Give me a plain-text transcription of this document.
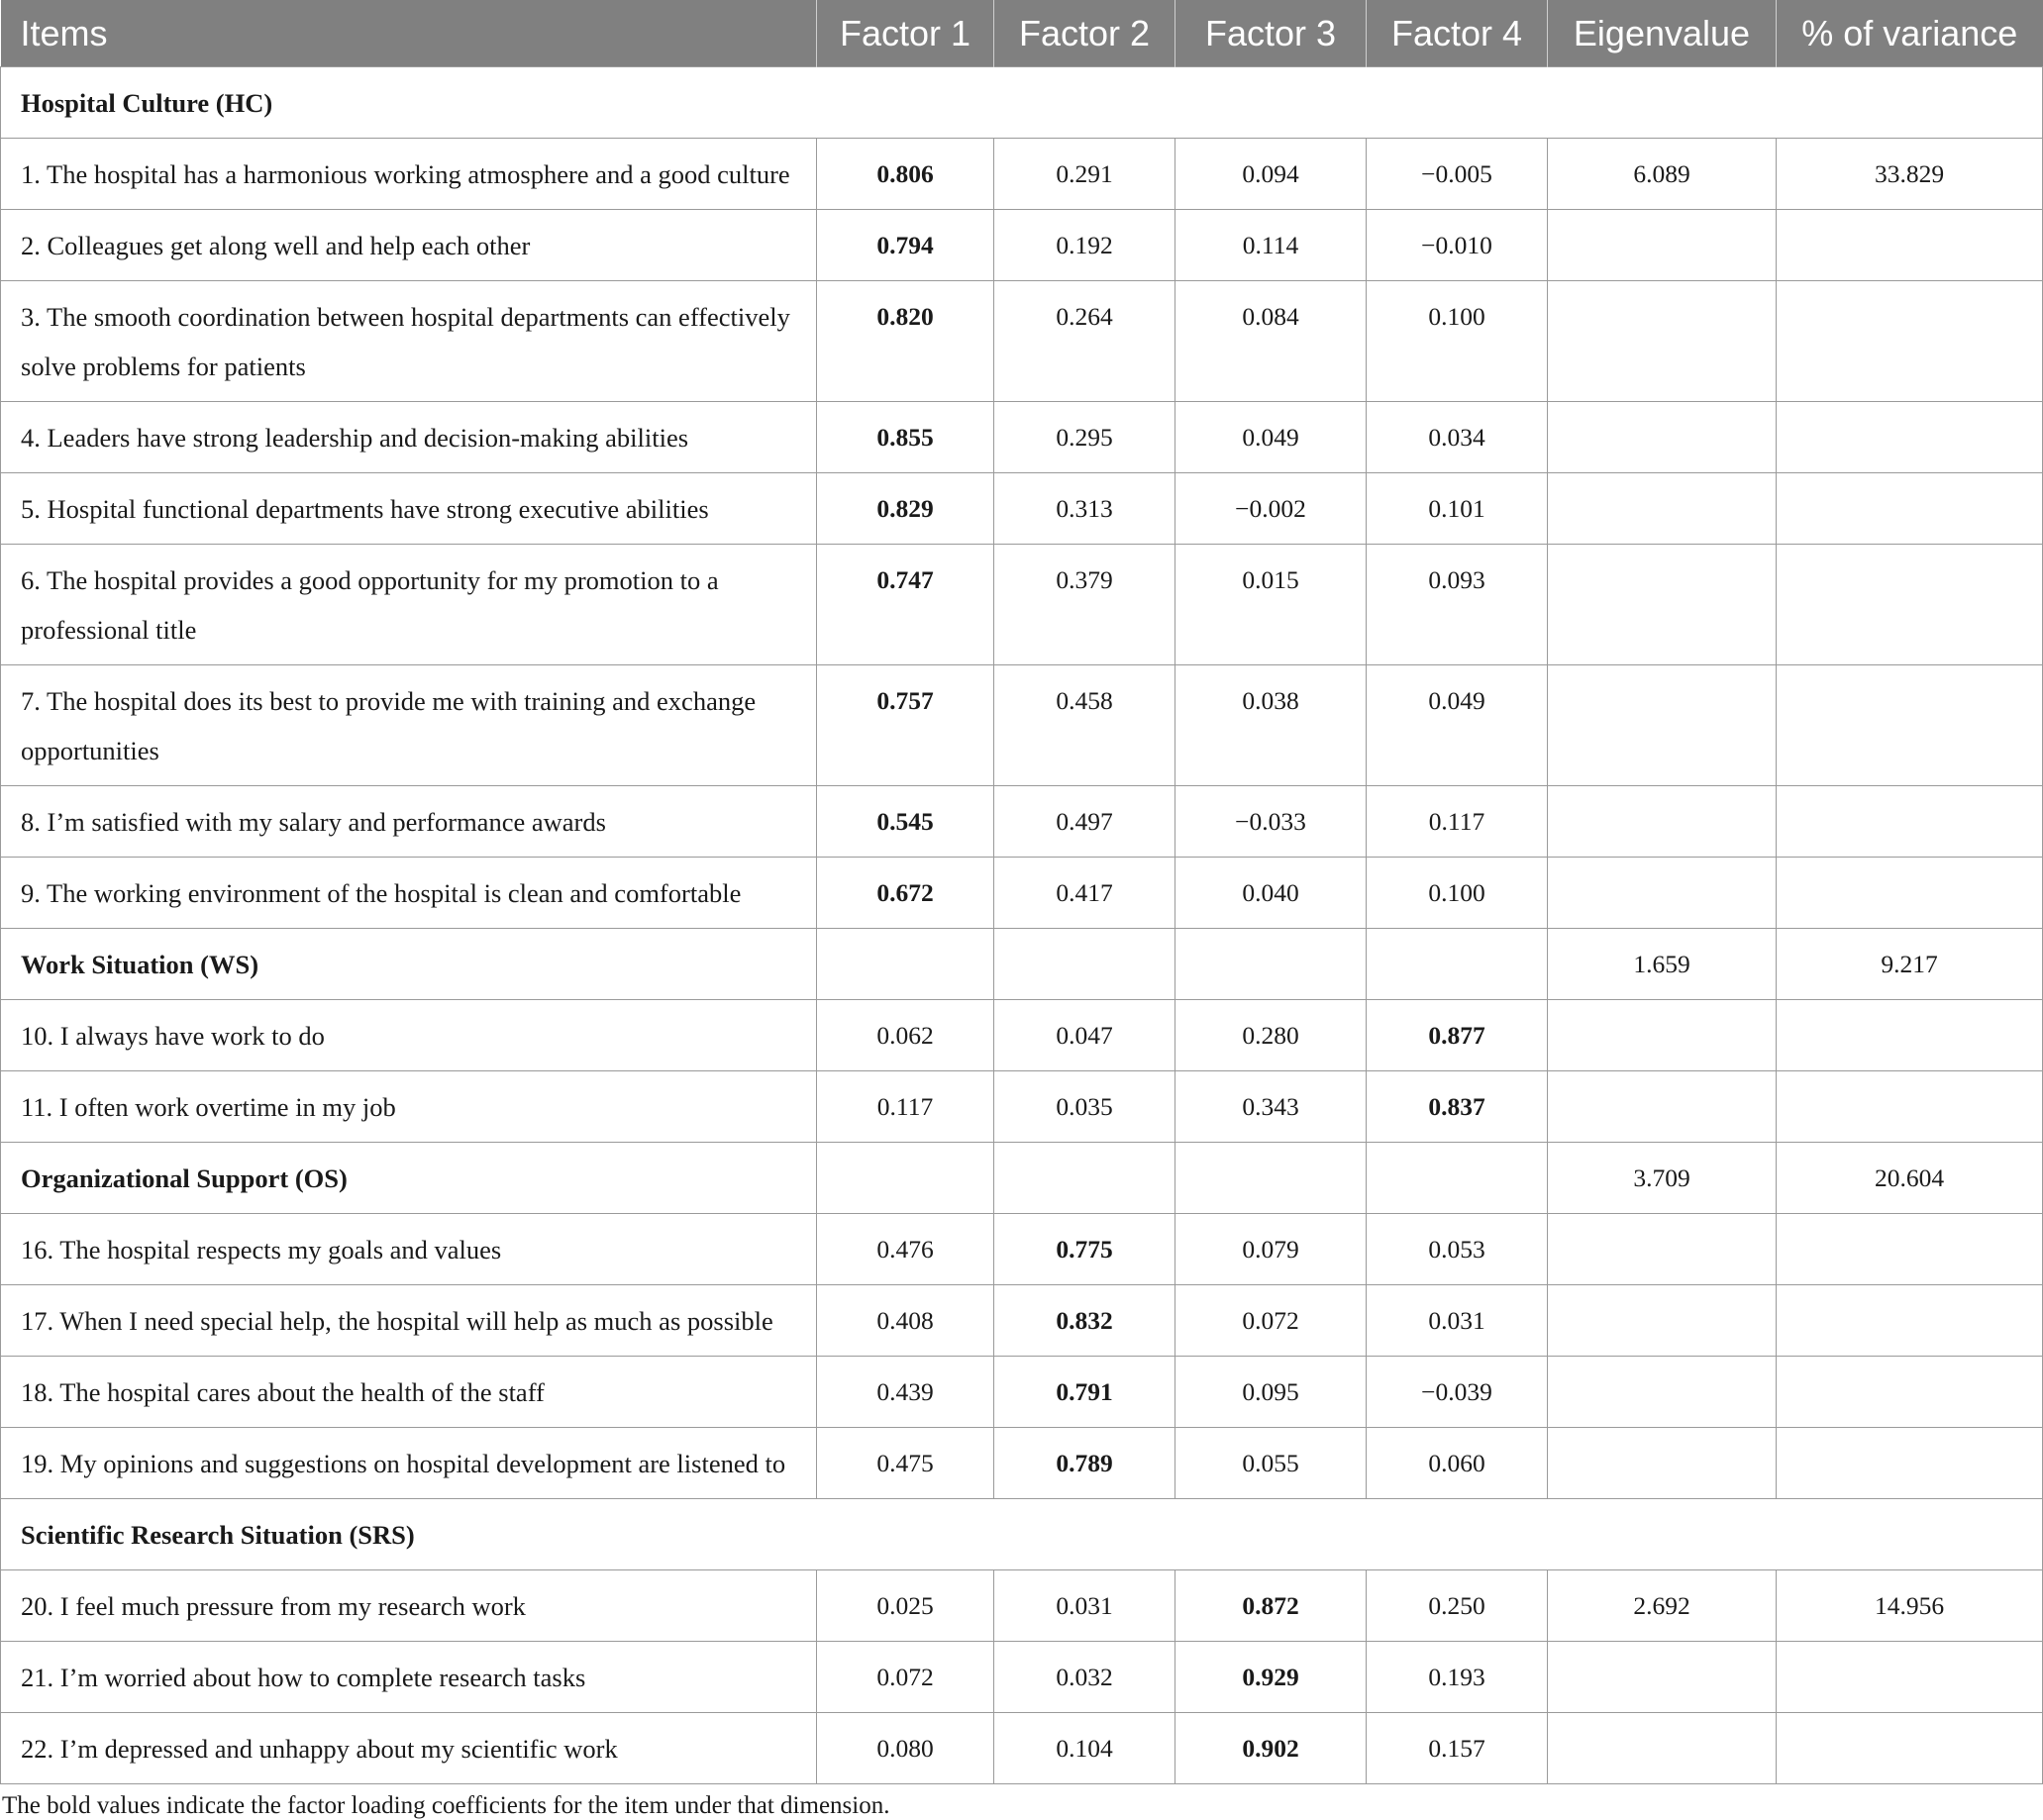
Items	Factor 1	Factor 2	Factor 3	Factor 4	Eigenvalue	% of variance
Hospital Culture (HC)						
1. The hospital has a harmonious working atmosphere and a good culture	0.806	0.291	0.094	−0.005	6.089	33.829
2. Colleagues get along well and help each other	0.794	0.192	0.114	−0.010		
3. The smooth coordination between hospital departments can effectively solve problems for patients	0.820	0.264	0.084	0.100		
4. Leaders have strong leadership and decision-making abilities	0.855	0.295	0.049	0.034		
5. Hospital functional departments have strong executive abilities	0.829	0.313	−0.002	0.101		
6. The hospital provides a good opportunity for my promotion to a professional title	0.747	0.379	0.015	0.093		
7. The hospital does its best to provide me with training and exchange opportunities	0.757	0.458	0.038	0.049		
8. I’m satisfied with my salary and performance awards	0.545	0.497	−0.033	0.117		
9. The working environment of the hospital is clean and comfortable	0.672	0.417	0.040	0.100		
Work Situation (WS)					1.659	9.217
10. I always have work to do	0.062	0.047	0.280	0.877		
11. I often work overtime in my job	0.117	0.035	0.343	0.837		
Organizational Support (OS)					3.709	20.604
16. The hospital respects my goals and values	0.476	0.775	0.079	0.053		
17. When I need special help, the hospital will help as much as possible	0.408	0.832	0.072	0.031		
18. The hospital cares about the health of the staff	0.439	0.791	0.095	−0.039		
19. My opinions and suggestions on hospital development are listened to	0.475	0.789	0.055	0.060		
Scientific Research Situation (SRS)						
20. I feel much pressure from my research work	0.025	0.031	0.872	0.250	2.692	14.956
21. I’m worried about how to complete research tasks	0.072	0.032	0.929	0.193		
22. I’m depressed and unhappy about my scientific work	0.080	0.104	0.902	0.157		
The bold values indicate the factor loading coefficients for the item under that dimension.
